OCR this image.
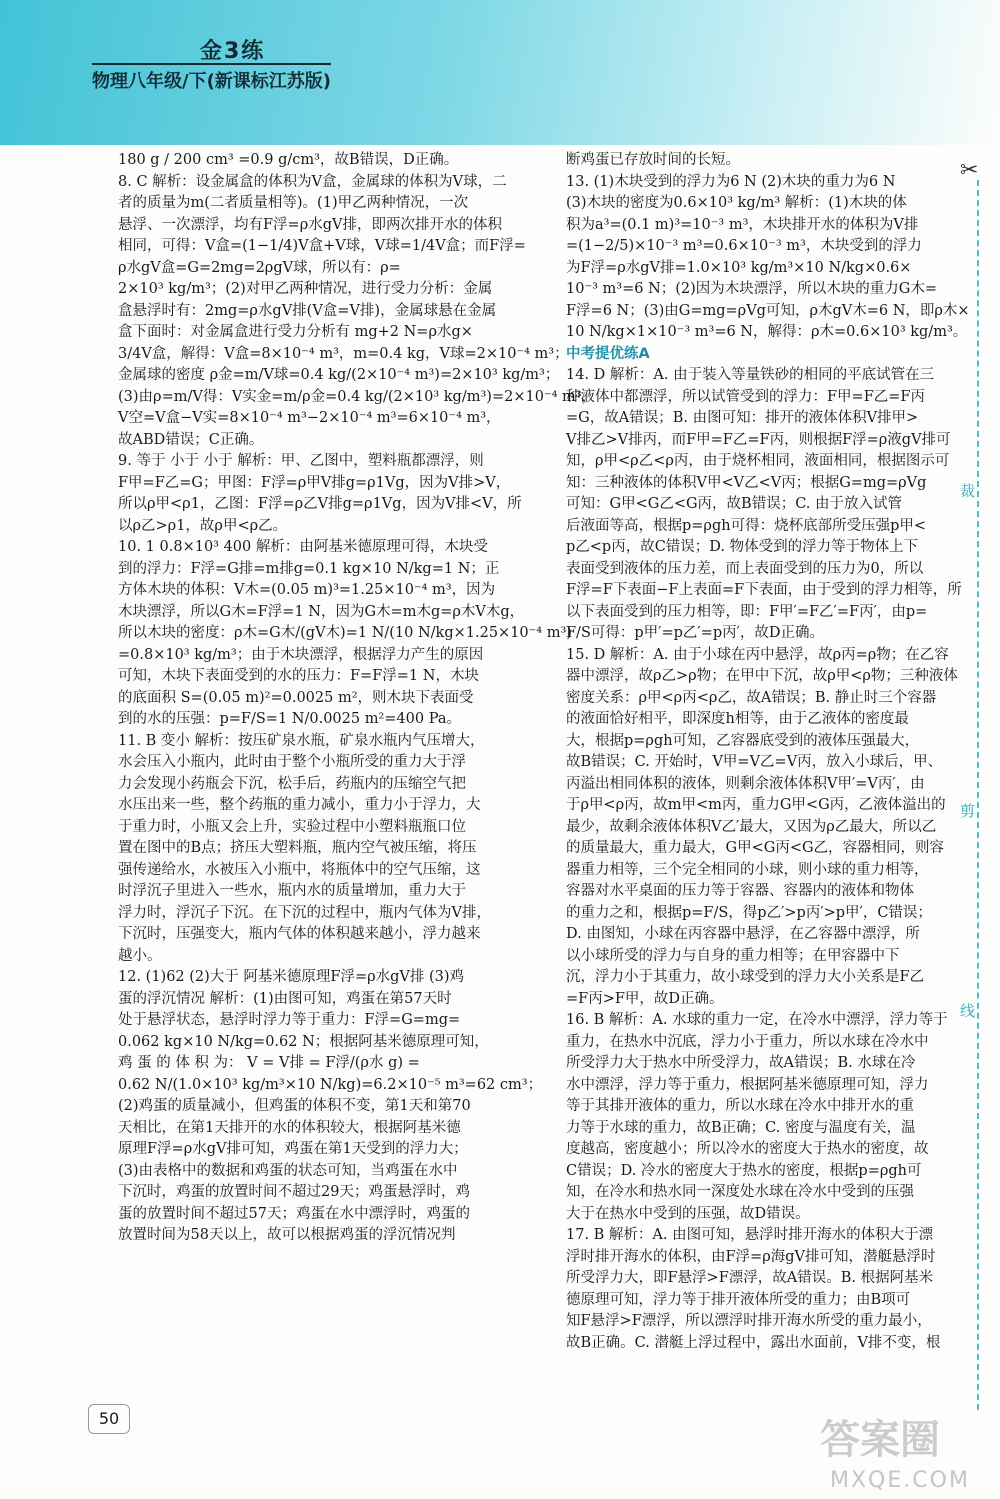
金3练
物理八年级/下(新课标江苏版)
✂
裁
剪
线
180 g / 200 cm³ =0.9 g/cm³，故B错误，D正确。
8. C 解析：设金属盒的体积为V盒，金属球的体积为V球，二
者的质量为m(二者质量相等)。(1)甲乙两种情况，一次
悬浮、一次漂浮，均有F浮=ρ水gV排，即两次排开水的体积
相同，可得：V盒=(1−1/4)V盒+V球，V球=1/4V盒；而F浮=
ρ水gV盒=G=2mg=2ρgV球，所以有：ρ=
2×10³ kg/m³；(2)对甲乙两种情况，进行受力分析：金属
盒悬浮时有：2mg=ρ水gV排(V盒=V排)，金属球悬在金属
盒下面时：对金属盒进行受力分析有 mg+2 N=ρ水g×
3/4V盒，解得：V盒=8×10⁻⁴ m³，m=0.4 kg，V球=2×10⁻⁴ m³；
金属球的密度 ρ金=m/V球=0.4 kg/(2×10⁻⁴ m³)=2×10³ kg/m³；
(3)由ρ=m/V得：V实金=m/ρ金=0.4 kg/(2×10³ kg/m³)=2×10⁻⁴ m³，
V空=V盒−V实=8×10⁻⁴ m³−2×10⁻⁴ m³=6×10⁻⁴ m³，
故ABD错误；C正确。
9. 等于 小于 小于 解析：甲、乙图中，塑料瓶都漂浮，则
F甲=F乙=G；甲图：F浮=ρ甲V排g=ρ1Vg，因为V排>V，
所以ρ甲<ρ1，乙图：F浮=ρ乙V排g=ρ1Vg，因为V排<V，所
以ρ乙>ρ1，故ρ甲<ρ乙。
10. 1 0.8×10³ 400 解析：由阿基米德原理可得，木块受
到的浮力：F浮=G排=m排g=0.1 kg×10 N/kg=1 N；正
方体木块的体积：V木=(0.05 m)³=1.25×10⁻⁴ m³，因为
木块漂浮，所以G木=F浮=1 N，因为G木=m木g=ρ木V木g，
所以木块的密度：ρ木=G木/(gV木)=1 N/(10 N/kg×1.25×10⁻⁴ m³)
=0.8×10³ kg/m³；由于木块漂浮，根据浮力产生的原因
可知，木块下表面受到的水的压力：F=F浮=1 N，木块
的底面积 S=(0.05 m)²=0.0025 m²，则木块下表面受
到的水的压强：p=F/S=1 N/0.0025 m²=400 Pa。
11. B 变小 解析：按压矿泉水瓶，矿泉水瓶内气压增大，
水会压入小瓶内，此时由于整个小瓶所受的重力大于浮
力会发现小药瓶会下沉，松手后，药瓶内的压缩空气把
水压出来一些，整个药瓶的重力减小，重力小于浮力，大
于重力时，小瓶又会上升，实验过程中小塑料瓶瓶口位
置在图中的B点；挤压大塑料瓶，瓶内空气被压缩，将压
强传递给水，水被压入小瓶中，将瓶体中的空气压缩，这
时浮沉子里进入一些水，瓶内水的质量增加，重力大于
浮力时，浮沉子下沉。在下沉的过程中，瓶内气体为V排，
下沉时，压强变大，瓶内气体的体积越来越小，浮力越来
越小。
12. (1)62 (2)大于 阿基米德原理F浮=ρ水gV排 (3)鸡
蛋的浮沉情况 解析：(1)由图可知，鸡蛋在第57天时
处于悬浮状态，悬浮时浮力等于重力：F浮=G=mg=
0.062 kg×10 N/kg=0.62 N；根据阿基米德原理可知，
鸡 蛋 的 体 积 为： V = V排 = F浮/(ρ水 g) =
0.62 N/(1.0×10³ kg/m³×10 N/kg)=6.2×10⁻⁵ m³=62 cm³；
(2)鸡蛋的质量减小，但鸡蛋的体积不变，第1天和第70
天相比，在第1天排开的水的体积较大，根据阿基米德
原理F浮=ρ水gV排可知，鸡蛋在第1天受到的浮力大；
(3)由表格中的数据和鸡蛋的状态可知，当鸡蛋在水中
下沉时，鸡蛋的放置时间不超过29天；鸡蛋悬浮时，鸡
蛋的放置时间不超过57天；鸡蛋在水中漂浮时，鸡蛋的
放置时间为58天以上，故可以根据鸡蛋的浮沉情况判
断鸡蛋已存放时间的长短。
13. (1)木块受到的浮力为6 N (2)木块的重力为6 N
(3)木块的密度为0.6×10³ kg/m³ 解析：(1)木块的体
积为a³=(0.1 m)³=10⁻³ m³，木块排开水的体积为V排
=(1−2/5)×10⁻³ m³=0.6×10⁻³ m³，木块受到的浮力
为F浮=ρ水gV排=1.0×10³ kg/m³×10 N/kg×0.6×
10⁻³ m³=6 N；(2)因为木块漂浮，所以木块的重力G木=
F浮=6 N；(3)由G=mg=ρVg可知，ρ木gV木=6 N，即ρ木×
10 N/kg×1×10⁻³ m³=6 N，解得：ρ木=0.6×10³ kg/m³。
中考提优练A
14. D 解析：A. 由于装入等量铁砂的相同的平底试管在三
种液体中都漂浮，所以试管受到的浮力：F甲=F乙=F丙
=G，故A错误；B. 由图可知：排开的液体体积V排甲>
V排乙>V排丙，而F甲=F乙=F丙，则根据F浮=ρ液gV排可
知，ρ甲<ρ乙<ρ丙，由于烧杯相同，液面相同，根据图示可
知：三种液体的体积V甲<V乙<V丙；根据G=mg=ρVg
可知：G甲<G乙<G丙，故B错误；C. 由于放入试管
后液面等高，根据p=ρgh可得：烧杯底部所受压强p甲<
p乙<p丙，故C错误；D. 物体受到的浮力等于物体上下
表面受到液体的压力差，而上表面受到的压力为0，所以
F浮=F下表面−F上表面=F下表面，由于受到的浮力相等，所
以下表面受到的压力相等，即：F甲′=F乙′=F丙′，由p=
F/S可得：p甲′=p乙′=p丙′，故D正确。
15. D 解析：A. 由于小球在丙中悬浮，故ρ丙=ρ物；在乙容
器中漂浮，故ρ乙>ρ物；在甲中下沉，故ρ甲<ρ物；三种液体
密度关系：ρ甲<ρ丙<ρ乙，故A错误；B. 静止时三个容器
的液面恰好相平，即深度h相等，由于乙液体的密度最
大，根据p=ρgh可知，乙容器底受到的液体压强最大，
故B错误；C. 开始时，V甲=V乙=V丙，放入小球后，甲、
丙溢出相同体积的液体，则剩余液体体积V甲′=V丙′，由
于ρ甲<ρ丙，故m甲<m丙，重力G甲<G丙，乙液体溢出的
最少，故剩余液体体积V乙′最大，又因为ρ乙最大，所以乙
的质量最大，重力最大，G甲<G丙<G乙，容器相同，则容
器重力相等，三个完全相同的小球，则小球的重力相等，
容器对水平桌面的压力等于容器、容器内的液体和物体
的重力之和，根据p=F/S，得p乙′>p丙′>p甲′，C错误；
D. 由图知，小球在丙容器中悬浮，在乙容器中漂浮，所
以小球所受的浮力与自身的重力相等；在甲容器中下
沉，浮力小于其重力，故小球受到的浮力大小关系是F乙
=F丙>F甲，故D正确。
16. B 解析：A. 水球的重力一定，在冷水中漂浮，浮力等于
重力，在热水中沉底，浮力小于重力，所以水球在冷水中
所受浮力大于热水中所受浮力，故A错误；B. 水球在冷
水中漂浮，浮力等于重力，根据阿基米德原理可知，浮力
等于其排开液体的重力，所以水球在冷水中排开水的重
力等于水球的重力，故B正确；C. 密度与温度有关，温
度越高，密度越小；所以冷水的密度大于热水的密度，故
C错误；D. 冷水的密度大于热水的密度，根据p=ρgh可
知，在冷水和热水同一深度处水球在冷水中受到的压强
大于在热水中受到的压强，故D错误。
17. B 解析：A. 由图可知，悬浮时排开海水的体积大于漂
浮时排开海水的体积，由F浮=ρ海gV排可知，潜艇悬浮时
所受浮力大，即F悬浮>F漂浮，故A错误。B. 根据阿基米
德原理可知，浮力等于排开液体所受的重力；由B项可
知F悬浮>F漂浮，所以漂浮时排开海水所受的重力最小，
故B正确。C. 潜艇上浮过程中，露出水面前，V排不变，根
50	答案圈
MXQE.COM
